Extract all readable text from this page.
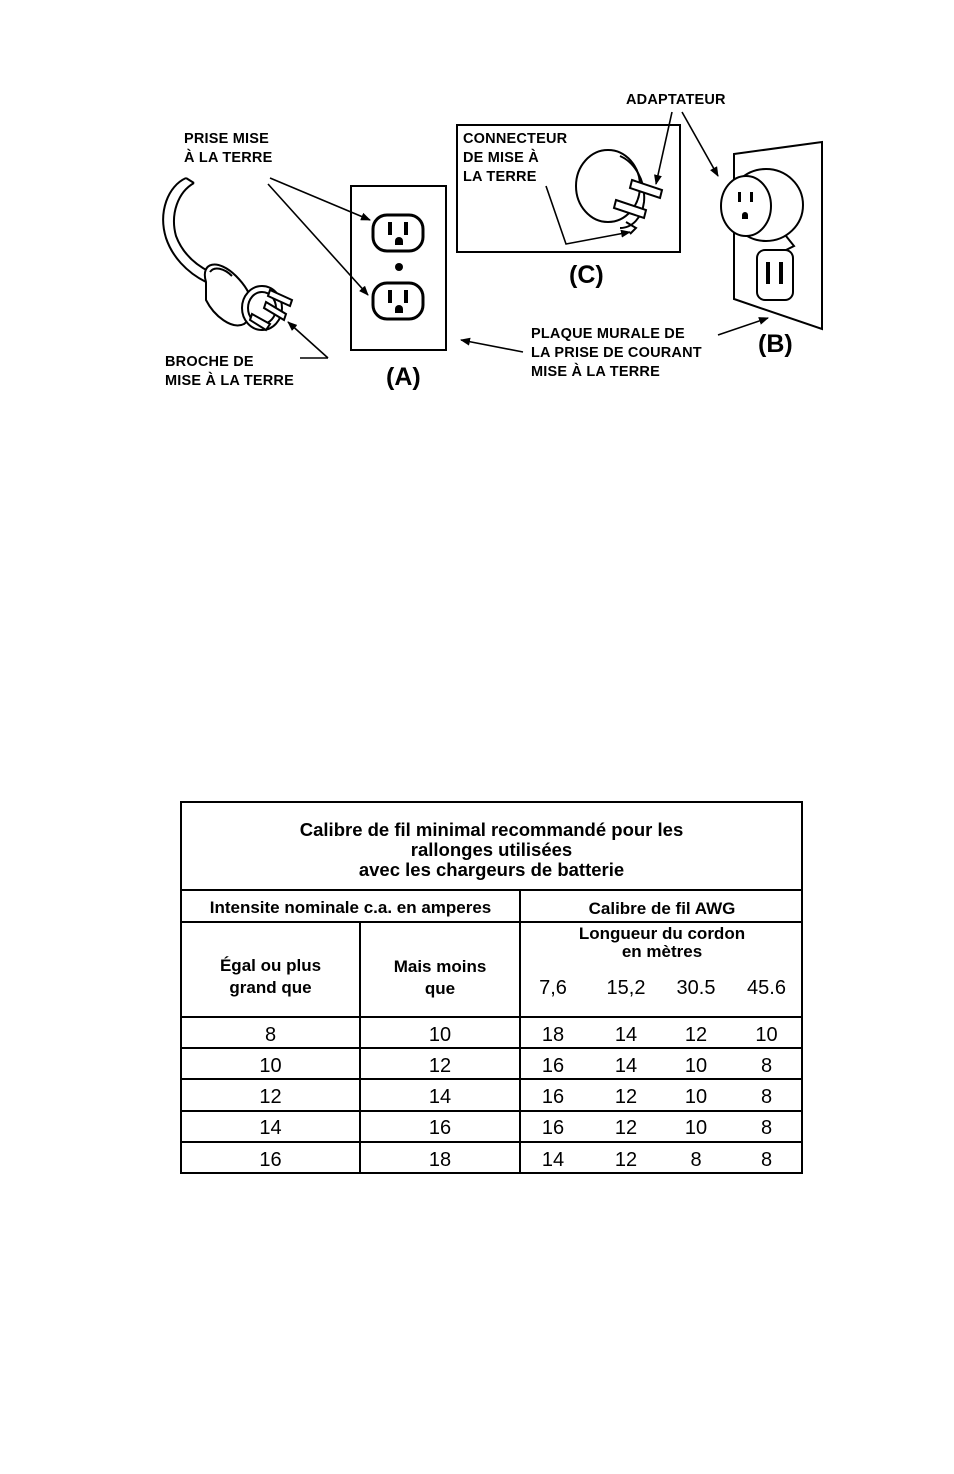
ADAPTATEUR
PRISE MISE
À LA TERRE
CONNECTEUR
DE MISE À
LA TERRE
BROCHE DE
MISE À LA TERRE
PLAQUE MURALE DE
LA PRISE DE COURANT
MISE À LA TERRE
(A)
(B)
(C)
Calibre de fil minimal recommandé pour les
rallonges utilisées
avec les chargeurs de batterie
Intensite nominale c.a. en amperes	Calibre de fil AWG
Égal ou plus
grand que
Mais moins
que
Longueur du cordon
en mètres
7,6	15,2	30.5	45.6
8	10	18	14	12	10
10	12	16	14	10	8
12	14	16	12	10	8
14	16	16	12	10	8
16	18	14	12	8	8
